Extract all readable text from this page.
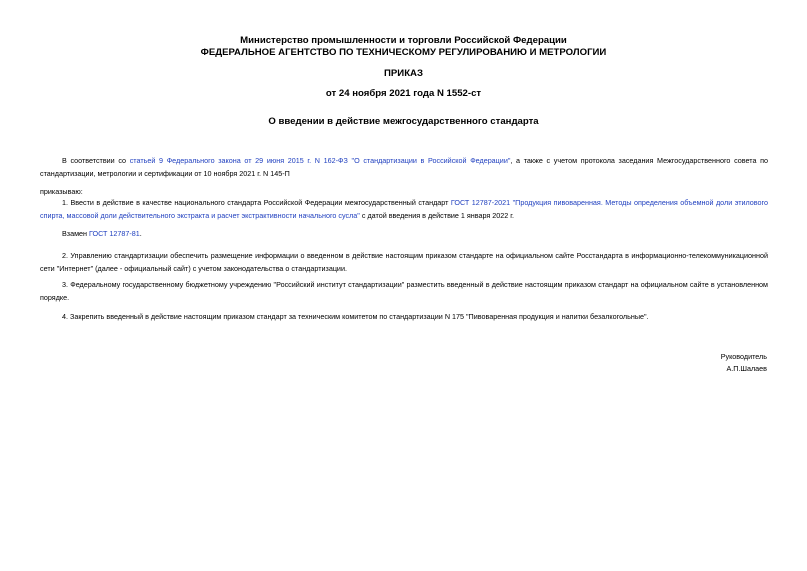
Министерство промышленности и торговли Российской Федерации
ФЕДЕРАЛЬНОЕ АГЕНТСТВО ПО ТЕХНИЧЕСКОМУ РЕГУЛИРОВАНИЮ И МЕТРОЛОГИИ
ПРИКАЗ
от 24 ноября 2021 года N 1552-ст
О введении в действие межгосударственного стандарта
В соответствии со статьей 9 Федерального закона от 29 июня 2015 г. N 162-ФЗ "О стандартизации в Российской Федерации", а также с учетом протокола заседания Межгосударственного совета по стандартизации, метрологии и сертификации от 10 ноября 2021 г. N 145-П
приказываю:
1. Ввести в действие в качестве национального стандарта Российской Федерации межгосударственный стандарт ГОСТ 12787-2021 "Продукция пивоваренная. Методы определения объемной доли этилового спирта, массовой доли действительного экстракта и расчет экстрактивности начального сусла" с датой введения в действие 1 января 2022 г.
Взамен ГОСТ 12787-81.
2. Управлению стандартизации обеспечить размещение информации о введенном в действие настоящим приказом стандарте на официальном сайте Росстандарта в информационно-телекоммуникационной сети "Интернет" (далее - официальный сайт) с учетом законодательства о стандартизации.
3. Федеральному государственному бюджетному учреждению "Российский институт стандартизации" разместить введенный в действие настоящим приказом стандарт на официальном сайте в установленном порядке.
4. Закрепить введенный в действие настоящим приказом стандарт за техническим комитетом по стандартизации N 175 "Пивоваренная продукция и напитки безалкогольные".
Руководитель
А.П.Шалаев
